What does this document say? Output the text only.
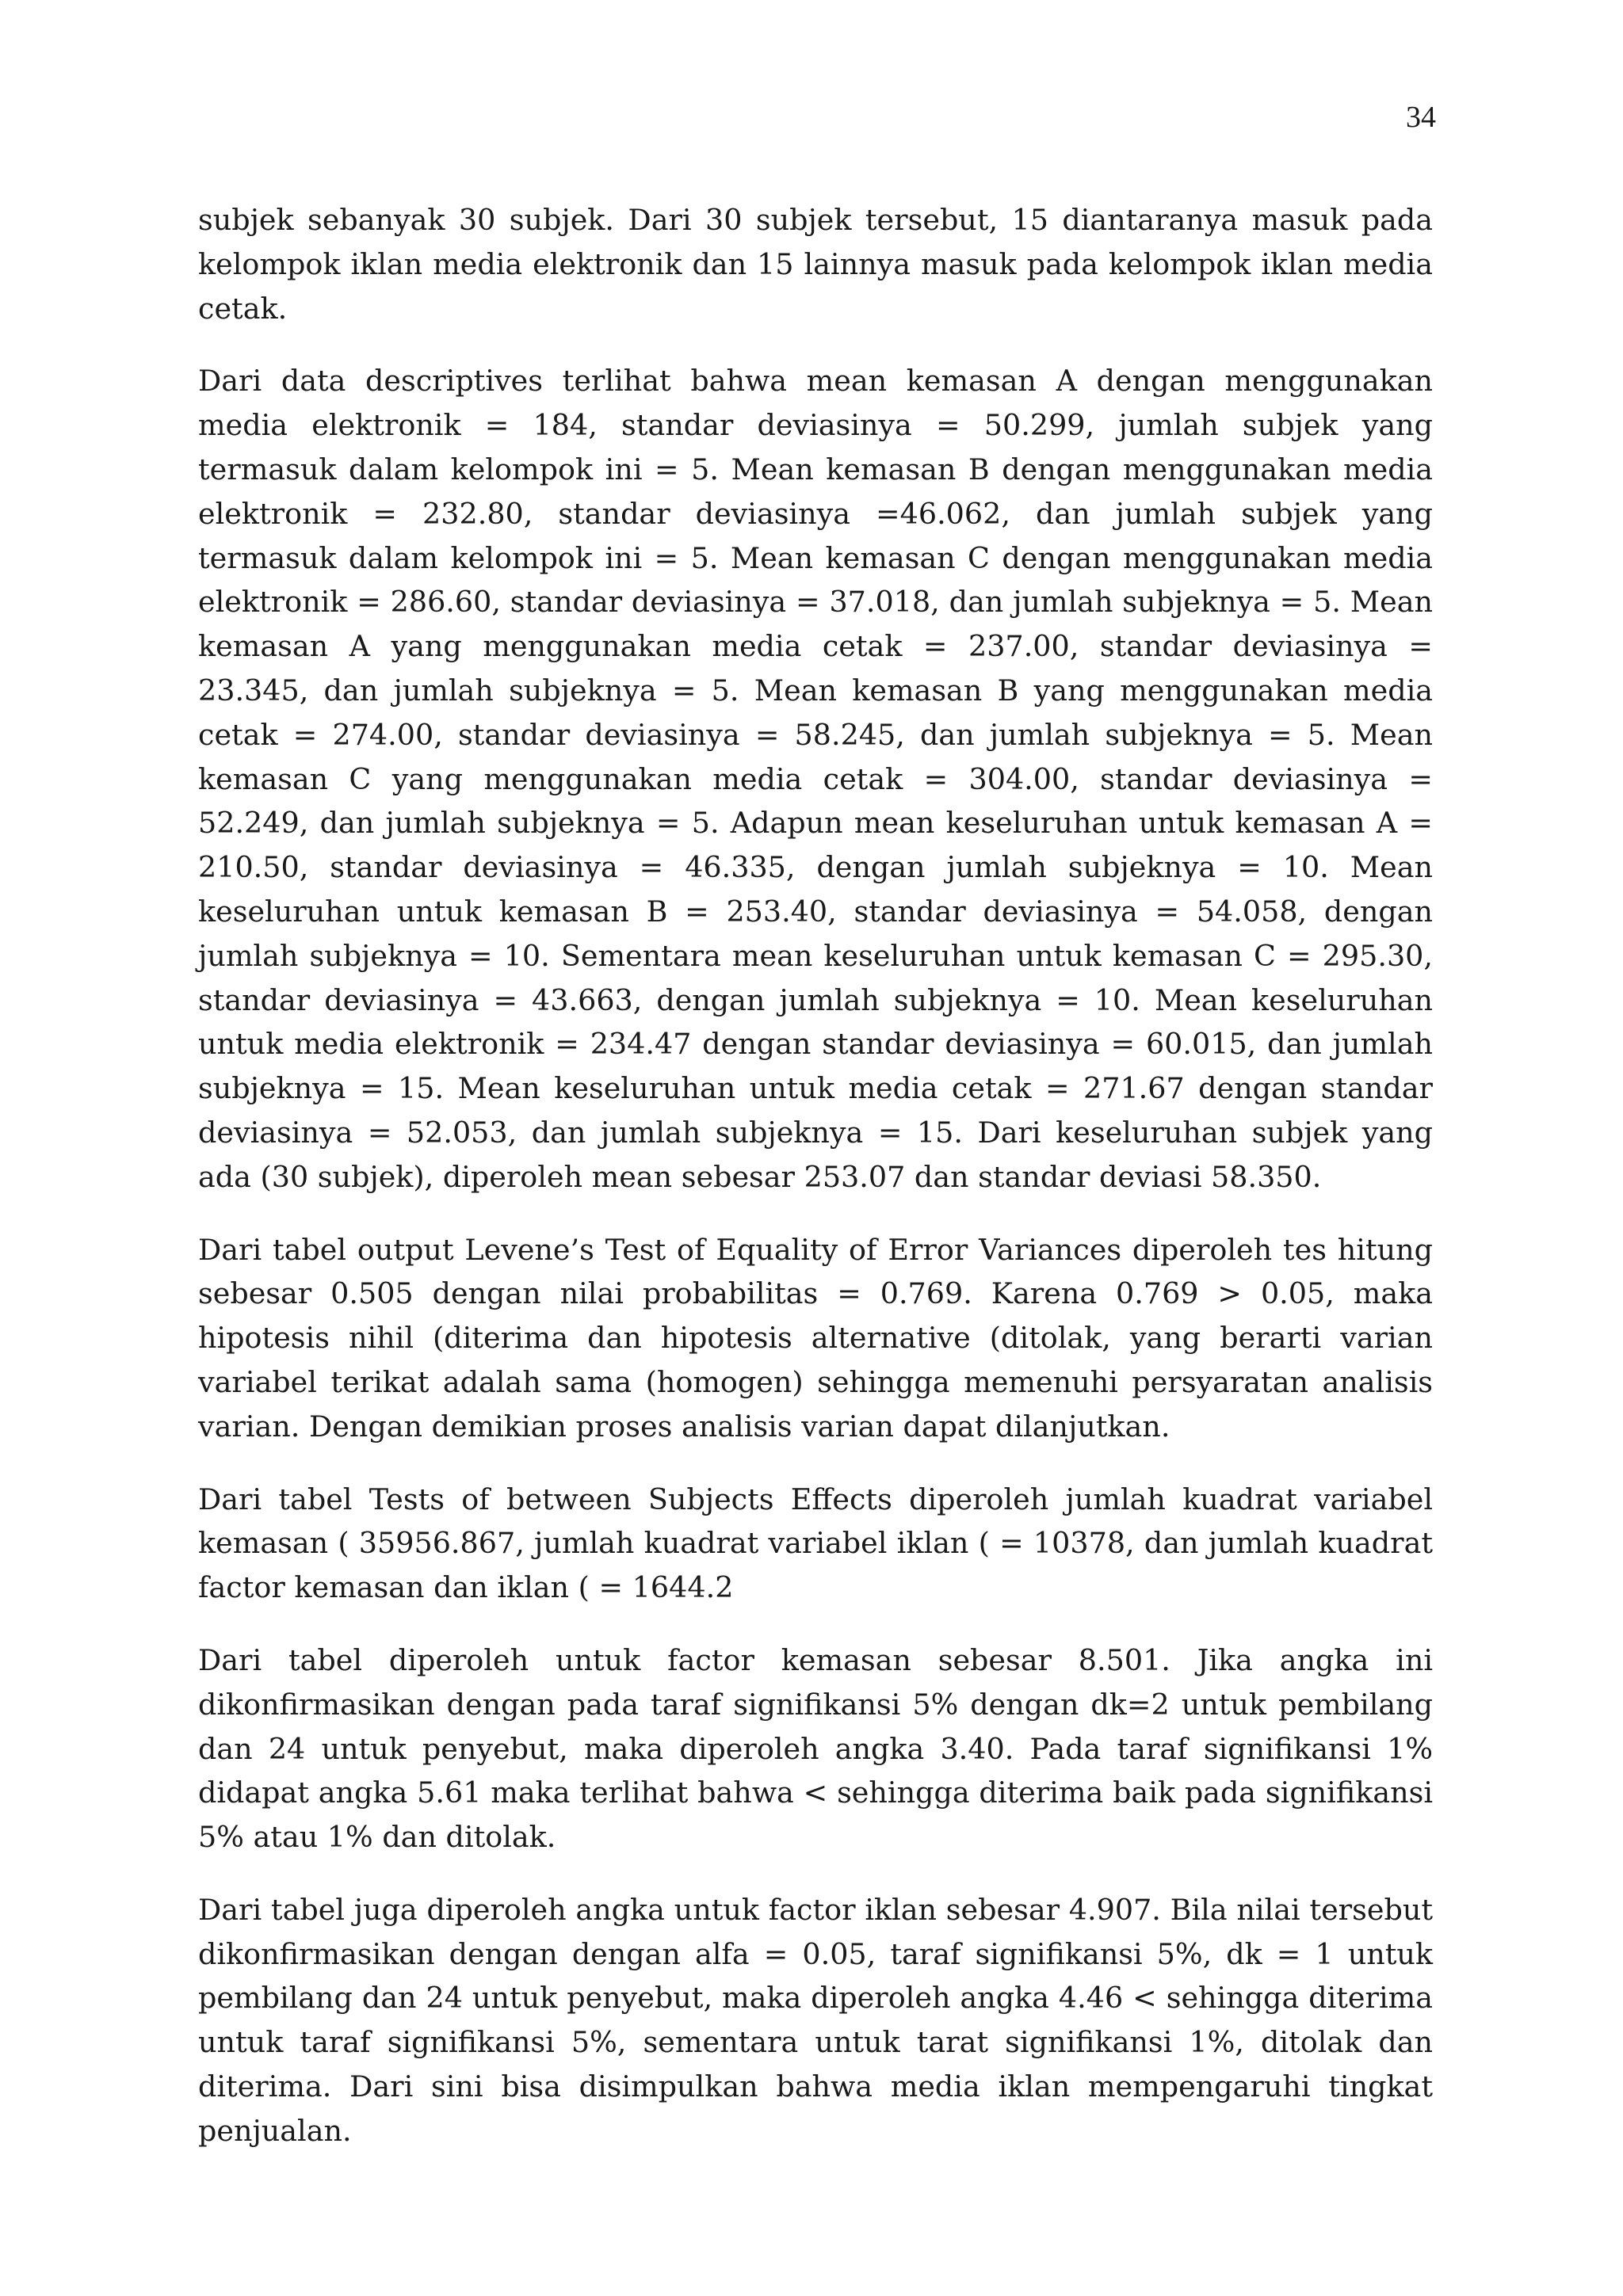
34

subjek sebanyak 30 subjek. Dari 30 subjek tersebut, 15 diantaranya masuk pada kelompok iklan media elektronik dan 15 lainnya masuk pada kelompok iklan media cetak.

Dari data descriptives terlihat bahwa mean kemasan A dengan menggunakan media elektronik = 184, standar deviasinya = 50.299, jumlah subjek yang termasuk dalam kelompok ini = 5. Mean kemasan B dengan menggunakan media elektronik = 232.80, standar deviasinya =46.062, dan jumlah subjek yang termasuk dalam kelompok ini = 5. Mean kemasan C dengan menggunakan media elektronik = 286.60, standar deviasinya = 37.018, dan jumlah subjeknya = 5. Mean kemasan A yang menggunakan media cetak = 237.00, standar deviasinya = 23.345, dan jumlah subjeknya = 5. Mean kemasan B yang menggunakan media cetak = 274.00, standar deviasinya = 58.245, dan jumlah subjeknya = 5. Mean kemasan C yang menggunakan media cetak = 304.00, standar deviasinya = 52.249, dan jumlah subjeknya = 5. Adapun mean keseluruhan untuk kemasan A = 210.50, standar deviasinya = 46.335, dengan jumlah subjeknya = 10. Mean keseluruhan untuk kemasan B = 253.40, standar deviasinya = 54.058, dengan jumlah subjeknya = 10. Sementara mean keseluruhan untuk kemasan C = 295.30, standar deviasinya = 43.663, dengan jumlah subjeknya = 10. Mean keseluruhan untuk media elektronik = 234.47 dengan standar deviasinya = 60.015, dan jumlah subjeknya = 15. Mean keseluruhan untuk media cetak = 271.67 dengan standar deviasinya = 52.053, dan jumlah subjeknya = 15. Dari keseluruhan subjek yang ada (30 subjek), diperoleh mean sebesar 253.07 dan standar deviasi 58.350.

Dari tabel output Levene’s Test of Equality of Error Variances diperoleh tes hitung sebesar 0.505 dengan nilai probabilitas = 0.769. Karena 0.769 > 0.05, maka hipotesis nihil (diterima dan hipotesis alternative (ditolak, yang berarti varian variabel terikat adalah sama (homogen) sehingga memenuhi persyaratan analisis varian. Dengan demikian proses analisis varian dapat dilanjutkan.

Dari tabel Tests of between Subjects Effects diperoleh jumlah kuadrat variabel kemasan ( 35956.867, jumlah kuadrat variabel iklan ( = 10378, dan jumlah kuadrat factor kemasan dan iklan ( = 1644.2

Dari tabel diperoleh untuk factor kemasan sebesar 8.501. Jika angka ini dikonfirmasikan dengan pada taraf signifikansi 5% dengan dk=2 untuk pembilang dan 24 untuk penyebut, maka diperoleh angka 3.40. Pada taraf signifikansi 1% didapat angka 5.61 maka terlihat bahwa < sehingga diterima baik pada signifikansi 5% atau 1% dan ditolak.

Dari tabel juga diperoleh angka untuk factor iklan sebesar 4.907. Bila nilai tersebut dikonfirmasikan dengan dengan alfa = 0.05, taraf signifikansi 5%, dk = 1 untuk pembilang dan 24 untuk penyebut, maka diperoleh angka 4.46 < sehingga diterima untuk taraf signifikansi 5%, sementara untuk tarat signifikansi 1%, ditolak dan diterima. Dari sini bisa disimpulkan bahwa media iklan mempengaruhi tingkat penjualan.
